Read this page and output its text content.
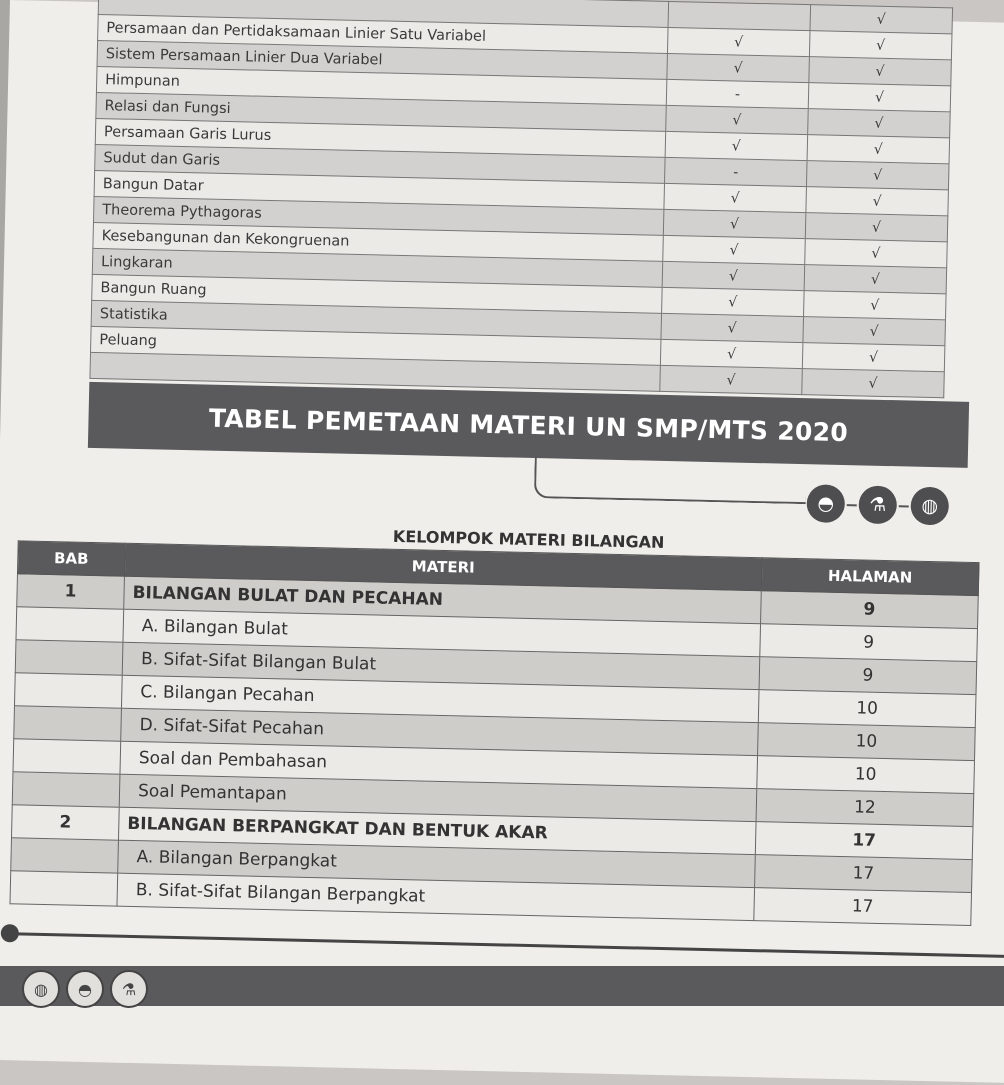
		√
Persamaan dan Pertidaksamaan Linier Satu Variabel	√	√
Sistem Persamaan Linier Dua Variabel	√	√
Himpunan	-	√
Relasi dan Fungsi	√	√
Persamaan Garis Lurus	√	√
Sudut dan Garis	-	√
Bangun Datar	√	√
Theorema Pythagoras	√	√
Kesebangunan dan Kekongruenan	√	√
Lingkaran	√	√
Bangun Ruang	√	√
Statistika	√	√
Peluang	√	√
	√	√
TABEL PEMETAAN MATERI UN SMP/MTS 2020
◓	⚗	◍
KELOMPOK MATERI BILANGAN
BAB	MATERI	HALAMAN
1	BILANGAN BULAT DAN PECAHAN	9
	A. Bilangan Bulat	9
	B. Sifat-Sifat Bilangan Bulat	9
	C. Bilangan Pecahan	10
	D. Sifat-Sifat Pecahan	10
	Soal dan Pembahasan	10
	Soal Pemantapan	12
2	BILANGAN BERPANGKAT DAN BENTUK AKAR	17
	A. Bilangan Berpangkat	17
	B. Sifat-Sifat Bilangan Berpangkat	17
◍	◓	⚗
